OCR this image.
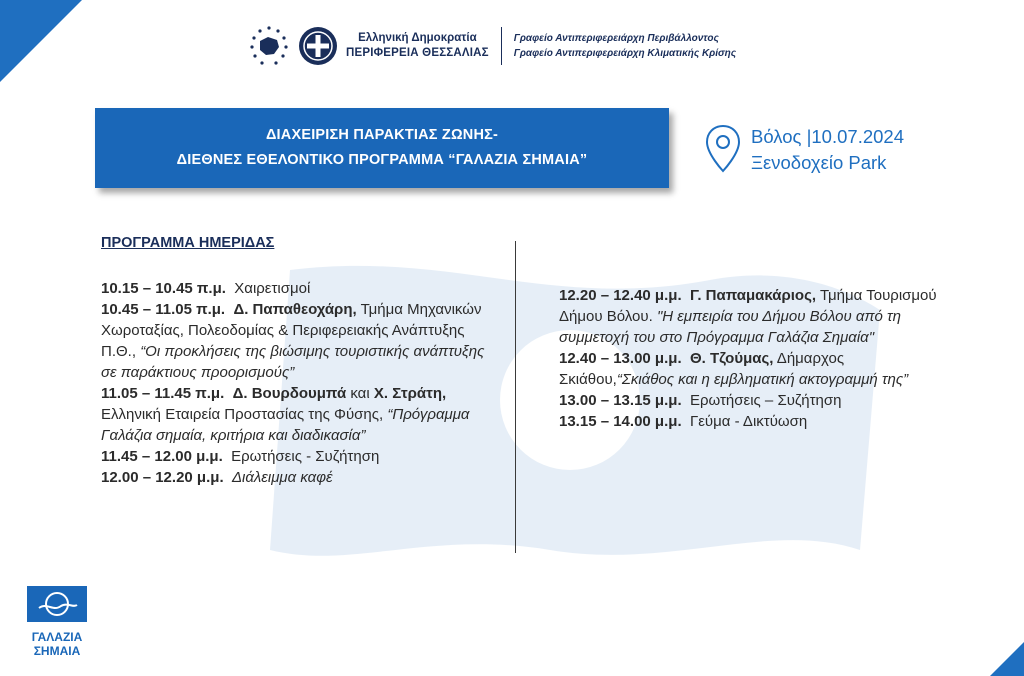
Ελληνική Δημοκρατία
ΠΕΡΙΦΕΡΕΙΑ ΘΕΣΣΑΛΙΑΣ
Γραφείο Αντιπεριφερειάρχη Περιβάλλοντος
Γραφείο Αντιπεριφερειάρχη Κλιματικής Κρίσης
ΔΙΑΧΕΙΡΙΣΗ ΠΑΡΑΚΤΙΑΣ ΖΩΝΗΣ-
ΔΙΕΘΝΕΣ ΕΘΕΛΟΝΤΙΚΟ ΠΡΟΓΡΑΜΜΑ “ΓΑΛΑΖΙΑ ΣΗΜΑΙΑ”
Βόλος |10.07.2024
Ξενοδοχείο Park
ΠΡΟΓΡΑΜΜΑ ΗΜΕΡΙΔΑΣ
10.15 – 10.45 π.μ. Χαιρετισμοί
10.45 – 11.05 π.μ. Δ. Παπαθεοχάρη, Τμήμα Μηχανικών Χωροταξίας, Πολεοδομίας & Περιφερειακής Ανάπτυξης Π.Θ., “Οι προκλήσεις της βιώσιμης τουριστικής ανάπτυξης σε παράκτιους προορισμούς”
11.05 – 11.45 π.μ. Δ. Βουρδουμπά και Χ. Στράτη, Ελληνική Εταιρεία Προστασίας της Φύσης, “Πρόγραμμα Γαλάζια σημαία, κριτήρια και διαδικασία”
11.45 – 12.00 μ.μ. Ερωτήσεις - Συζήτηση
12.00 – 12.20 μ.μ. Διάλειμμα καφέ
12.20 – 12.40 μ.μ. Γ. Παπαμακάριος, Τμήμα Τουρισμού Δήμου Βόλου. "Η εμπειρία του Δήμου Βόλου από τη συμμετοχή του στο Πρόγραμμα Γαλάζια Σημαία"
12.40 – 13.00 μ.μ. Θ. Τζούμας, Δήμαρχος Σκιάθου,“Σκιάθος και η εμβληματική ακτογραμμή της”
13.00 – 13.15 μ.μ. Ερωτήσεις – Συζήτηση
13.15 – 14.00 μ.μ. Γεύμα - Δικτύωση
ΓΑΛΑΖΙΑ
ΣΗΜΑΙΑ
